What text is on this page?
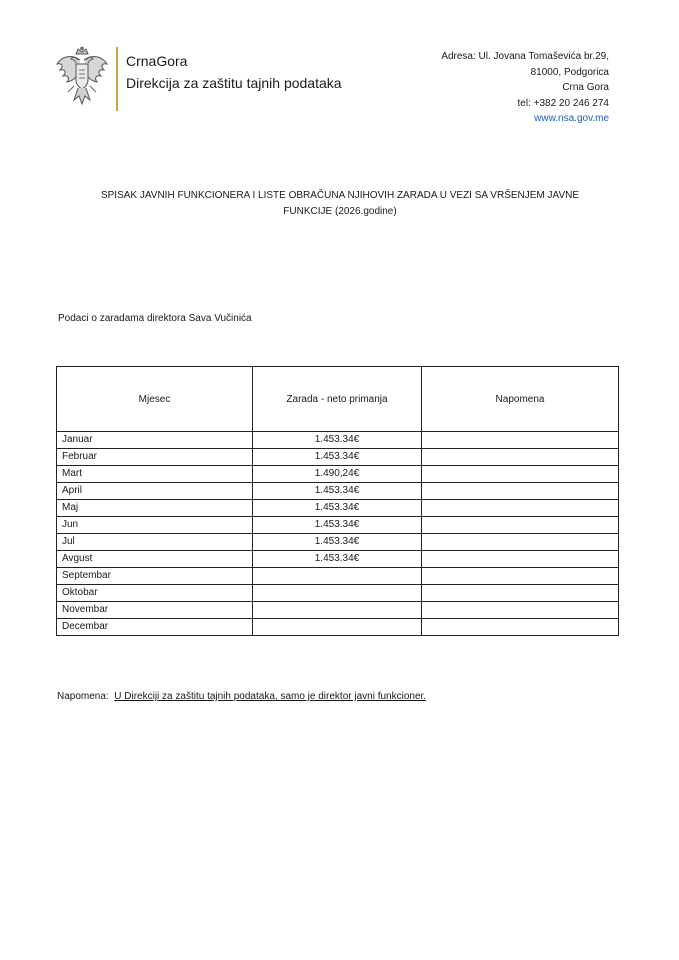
CrnaGora
Direkcija za zaštitu tajnih podataka
Adresa: Ul. Jovana Tomaševića br.29,
81000, Podgorica
Crna Gora
tel: +382 20 246 274
www.nsa.gov.me
SPISAK JAVNIH FUNKCIONERA I LISTE OBRAČUNA NJIHOVIH ZARADA U VEZI SA VRŠENJEM JAVNE
FUNKCIJE (2026.godine)
Podaci o zaradama direktora Sava Vučinića
Mjesec	Zarada - neto primanja	Napomena
Januar	1.453.34€	
Februar	1.453.34€	
Mart	1.490,24€	
April	1.453.34€	
Maj	1.453.34€	
Jun	1.453.34€	
Jul	1.453.34€	
Avgust	1.453.34€	
Septembar		
Oktobar		
Novembar		
Decembar		
Napomena: U Direkciji za zaštitu tajnih podataka, samo je direktor javni funkcioner.
